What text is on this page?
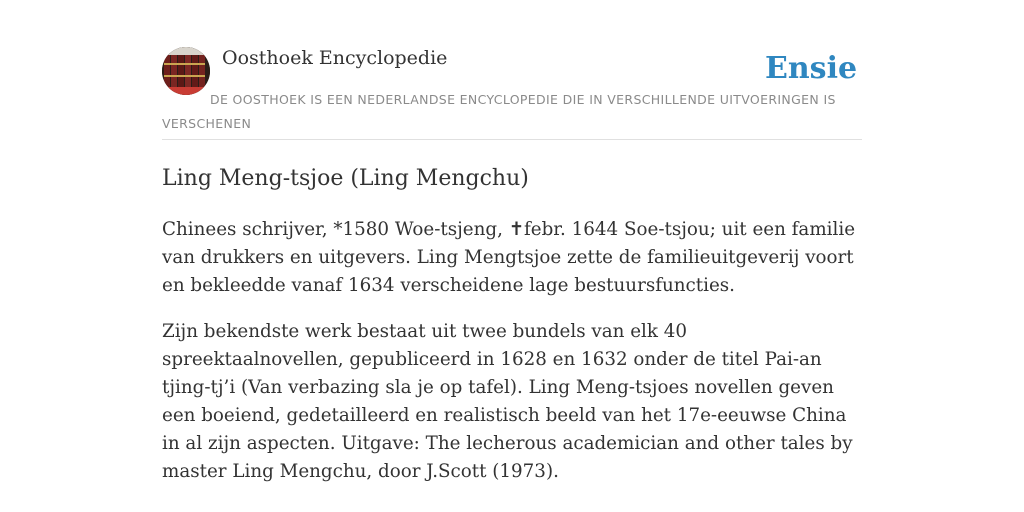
Oosthoek Encyclopedie	Ensie
DE OOSTHOEK IS EEN NEDERLANDSE ENCYCLOPEDIE DIE IN VERSCHILLENDE UITVOERINGEN IS VERSCHENEN
Ling Meng-tsjoe (Ling Mengchu)

Chinees schrijver, *1580 Woe-tsjeng, ✝febr. 1644 Soe-tsjou; uit een familie van drukkers en uitgevers. Ling Mengtsjoe zette de familieuitgeverij voort en bekleedde vanaf 1634 verscheidene lage bestuursfuncties.

Zijn bekendste werk bestaat uit twee bundels van elk 40 spreektaalnovellen, gepubliceerd in 1628 en 1632 onder de titel Pai-an tjing-tj’i (Van verbazing sla je op tafel). Ling Meng-tsjoes novellen geven een boeiend, gedetailleerd en realistisch beeld van het 17e-eeuwse China in al zijn aspecten. Uitgave: The lecherous academician and other tales by master Ling Mengchu, door J.Scott (1973).
